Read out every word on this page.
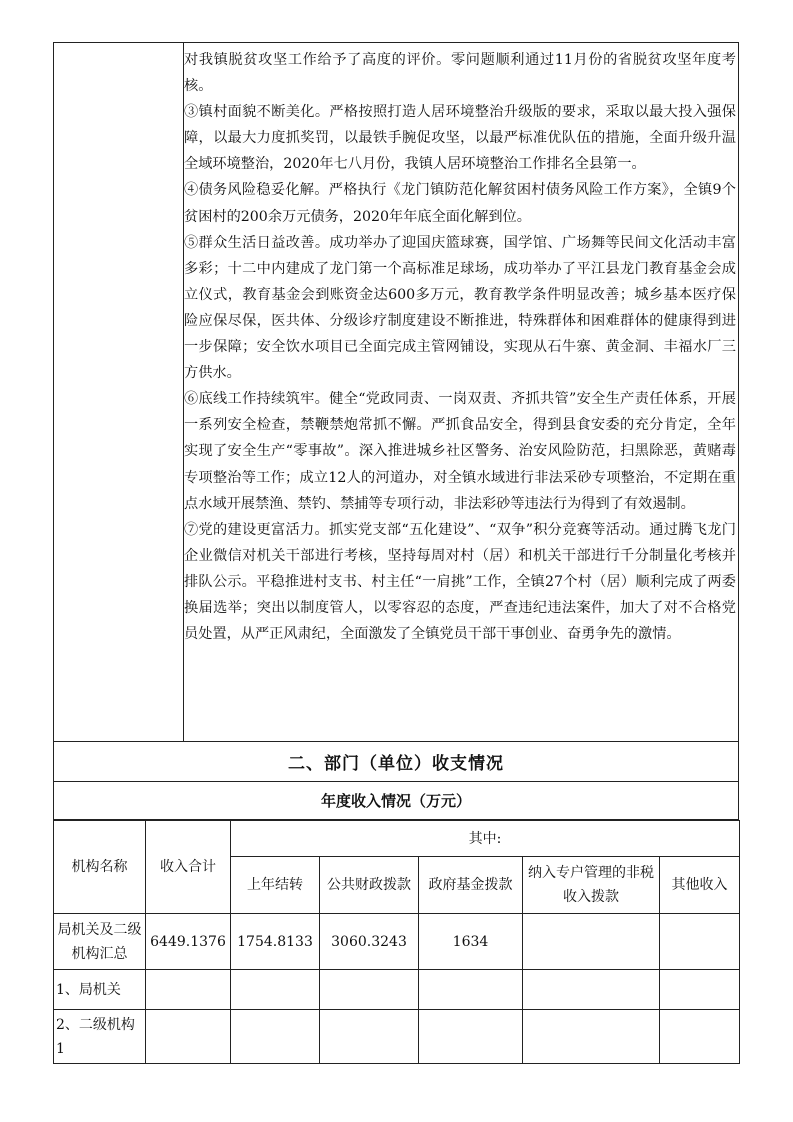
对我镇脱贫攻坚工作给予了高度的评价。零问题顺利通过11月份的省脱贫攻坚年度考核。

③镇村面貌不断美化。严格按照打造人居环境整治升级版的要求，采取以最大投入强保障，以最大力度抓奖罚，以最铁手腕促攻坚，以最严标准优队伍的措施，全面升级升温全域环境整治，2020年七八月份，我镇人居环境整治工作排名全县第一。

④债务风险稳妥化解。严格执行《龙门镇防范化解贫困村债务风险工作方案》，全镇9个贫困村的200余万元债务，2020年年底全面化解到位。

⑤群众生活日益改善。成功举办了迎国庆篮球赛，国学馆、广场舞等民间文化活动丰富多彩；十二中内建成了龙门第一个高标准足球场，成功举办了平江县龙门教育基金会成立仪式，教育基金会到账资金达600多万元，教育教学条件明显改善；城乡基本医疗保险应保尽保，医共体、分级诊疗制度建设不断推进，特殊群体和困难群体的健康得到进一步保障；安全饮水项目已全面完成主管网铺设，实现从石牛寨、黄金洞、丰福水厂三方供水。

⑥底线工作持续筑牢。健全“党政同责、一岗双责、齐抓共管”安全生产责任体系，开展一系列安全检查，禁鞭禁炮常抓不懈。严抓食品安全，得到县食安委的充分肯定，全年实现了安全生产“零事故”。深入推进城乡社区警务、治安风险防范，扫黑除恶，黄赌毒专项整治等工作；成立12人的河道办，对全镇水域进行非法采砂专项整治，不定期在重点水域开展禁渔、禁钓、禁捕等专项行动，非法彩砂等违法行为得到了有效遏制。

⑦党的建设更富活力。抓实党支部“五化建设”、“双争”积分竞赛等活动。通过腾飞龙门企业微信对机关干部进行考核，坚持每周对村（居）和机关干部进行千分制量化考核并排队公示。平稳推进村支书、村主任“一肩挑”工作，全镇27个村（居）顺利完成了两委换届选举；突出以制度管人，以零容忍的态度，严查违纪违法案件，加大了对不合格党员处置，从严正风肃纪，全面激发了全镇党员干部干事创业、奋勇争先的激情。

二、部门（单位）收支情况
年度收入情况（万元）
机构名称	收入合计	其中:				
		上年结转	公共财政拨款	政府基金拨款	纳入专户管理的非税收入拨款	其他收入
局机关及二级机构汇总	6449.1376	1754.8133	3060.3243	1634		
1、局机关						
2、二级机构1						
